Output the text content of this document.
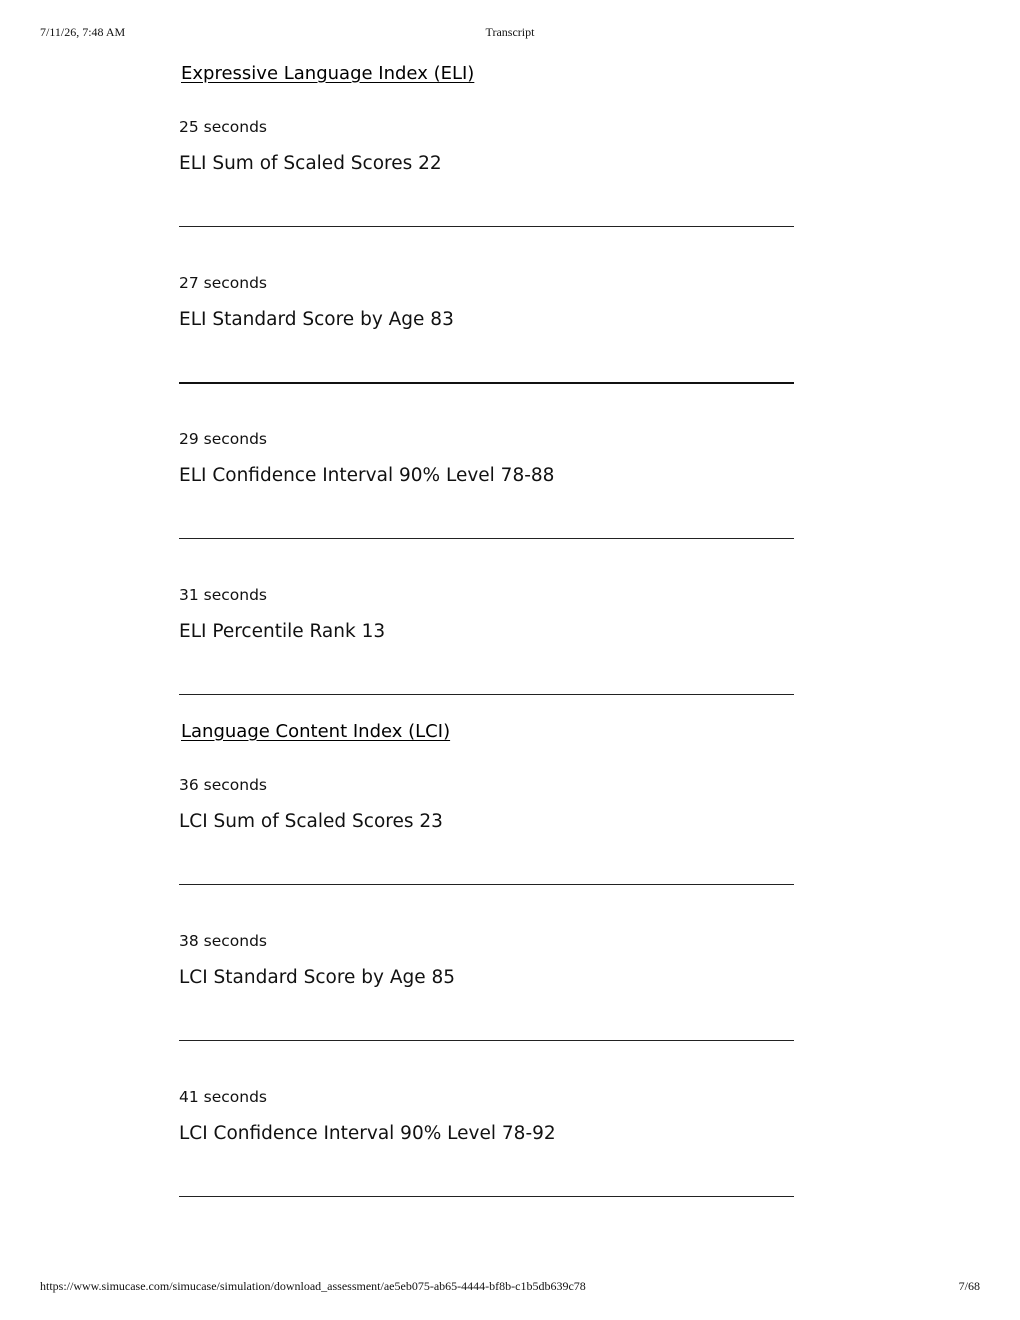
7/11/26, 7:48 AM	Transcript
Expressive Language Index (ELI)
25 seconds
ELI Sum of Scaled Scores 22
27 seconds
ELI Standard Score by Age 83
29 seconds
ELI Confidence Interval 90% Level 78-88
31 seconds
ELI Percentile Rank 13
Language Content Index (LCI)
36 seconds
LCI Sum of Scaled Scores 23
38 seconds
LCI Standard Score by Age 85
41 seconds
LCI Confidence Interval 90% Level 78-92
https://www.simucase.com/simucase/simulation/download_assessment/ae5eb075-ab65-4444-bf8b-c1b5db639c78	7/68
